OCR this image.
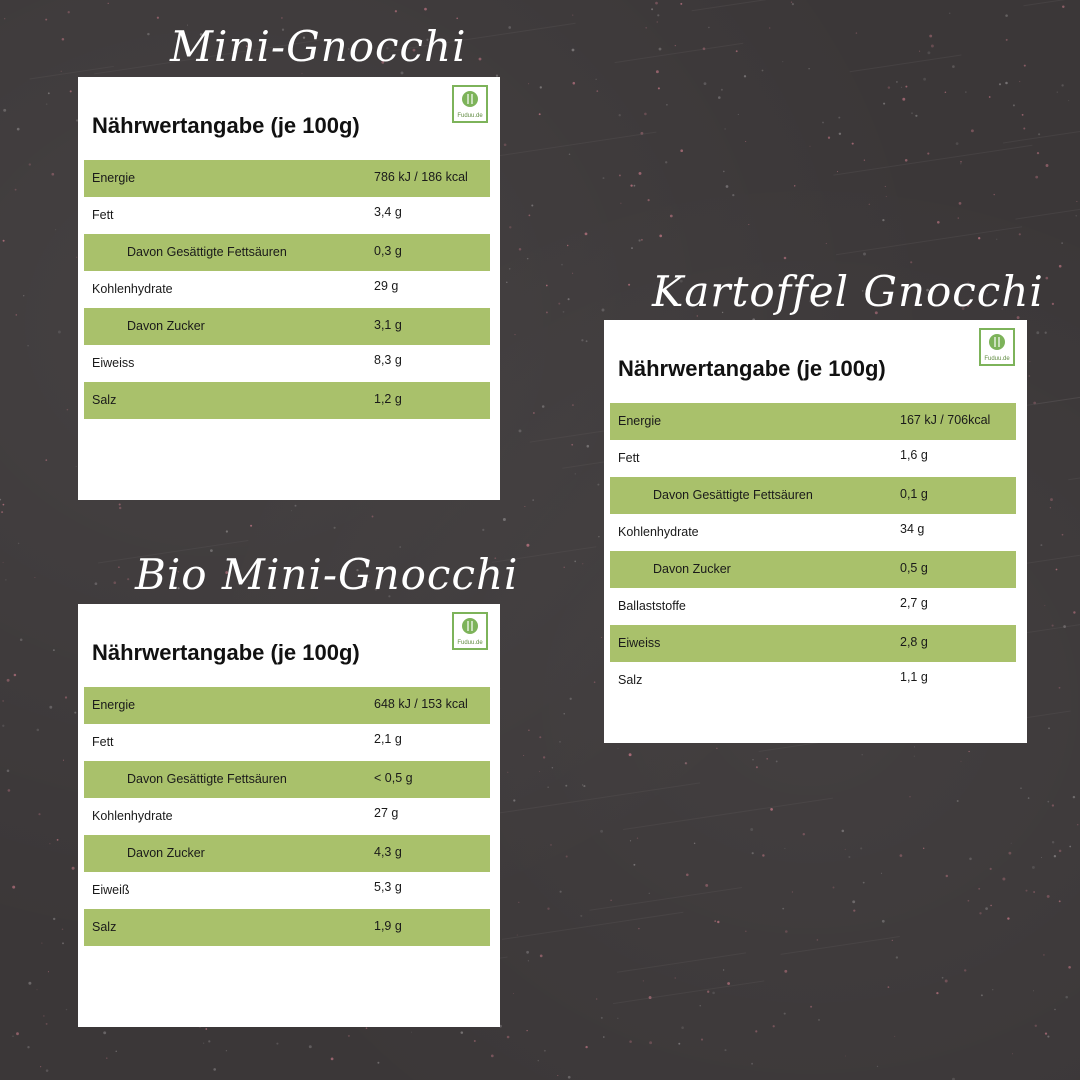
Mini-Gnocchi
Kartoffel Gnocchi
Bio Mini-Gnocchi
Nährwertangabe (je 100g)	Fuduu.de
Energie	786 kJ / 186 kcal
Fett	3,4 g
Davon Gesättigte Fettsäuren	0,3 g
Kohlenhydrate	29 g
Davon Zucker	3,1 g
Eiweiss	8,3 g
Salz	1,2 g
Nährwertangabe (je 100g)	Fuduu.de
Energie	167 kJ / 706kcal
Fett	1,6 g
Davon Gesättigte Fettsäuren	0,1 g
Kohlenhydrate	34 g
Davon Zucker	0,5 g
Ballaststoffe	2,7 g
Eiweiss	2,8 g
Salz	1,1 g
Nährwertangabe (je 100g)	Fuduu.de
Energie	648 kJ / 153 kcal
Fett	2,1 g
Davon Gesättigte Fettsäuren	< 0,5 g
Kohlenhydrate	27 g
Davon Zucker	4,3 g
Eiweiß	5,3 g
Salz	1,9 g
